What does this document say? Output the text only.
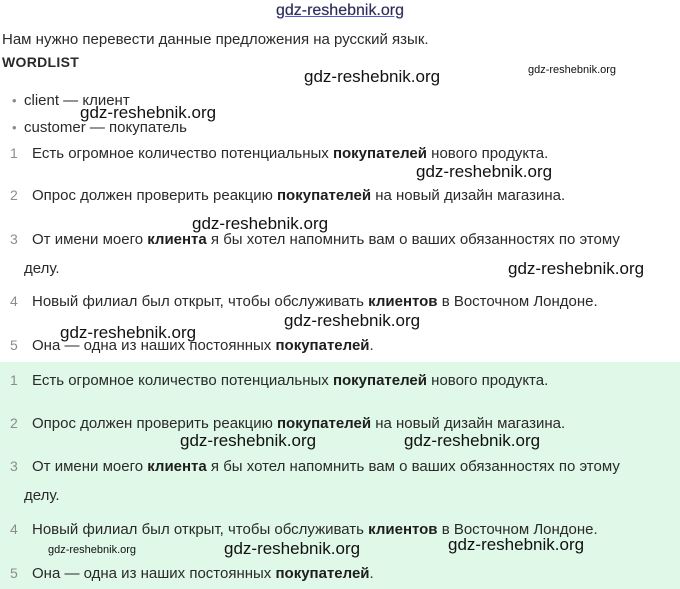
gdz-reshebnik.org
Нам нужно перевести данные предложения на русский язык.
WORDLIST
• client — клиент
• customer — покупатель
1 Есть огромное количество потенциальных покупателей нового продукта.
2 Опрос должен проверить реакцию покупателей на новый дизайн магазина.
3 От имени моего клиента я бы хотел напомнить вам о ваших обязанностях по этому
делу.
4 Новый филиал был открыт, чтобы обслуживать клиентов в Восточном Лондоне.
5 Она — одна из наших постоянных покупателей.
1 Есть огромное количество потенциальных покупателей нового продукта.
2 Опрос должен проверить реакцию покупателей на новый дизайн магазина.
3 От имени моего клиента я бы хотел напомнить вам о ваших обязанностях по этому
делу.
4 Новый филиал был открыт, чтобы обслуживать клиентов в Восточном Лондоне.
5 Она — одна из наших постоянных покупателей.
gdz-reshebnik.org	gdz-reshebnik.org
gdz-reshebnik.org
gdz-reshebnik.org
gdz-reshebnik.org
gdz-reshebnik.org
gdz-reshebnik.org
gdz-reshebnik.org
gdz-reshebnik.org	gdz-reshebnik.org
gdz-reshebnik.org
gdz-reshebnik.org
gdz-reshebnik.org
